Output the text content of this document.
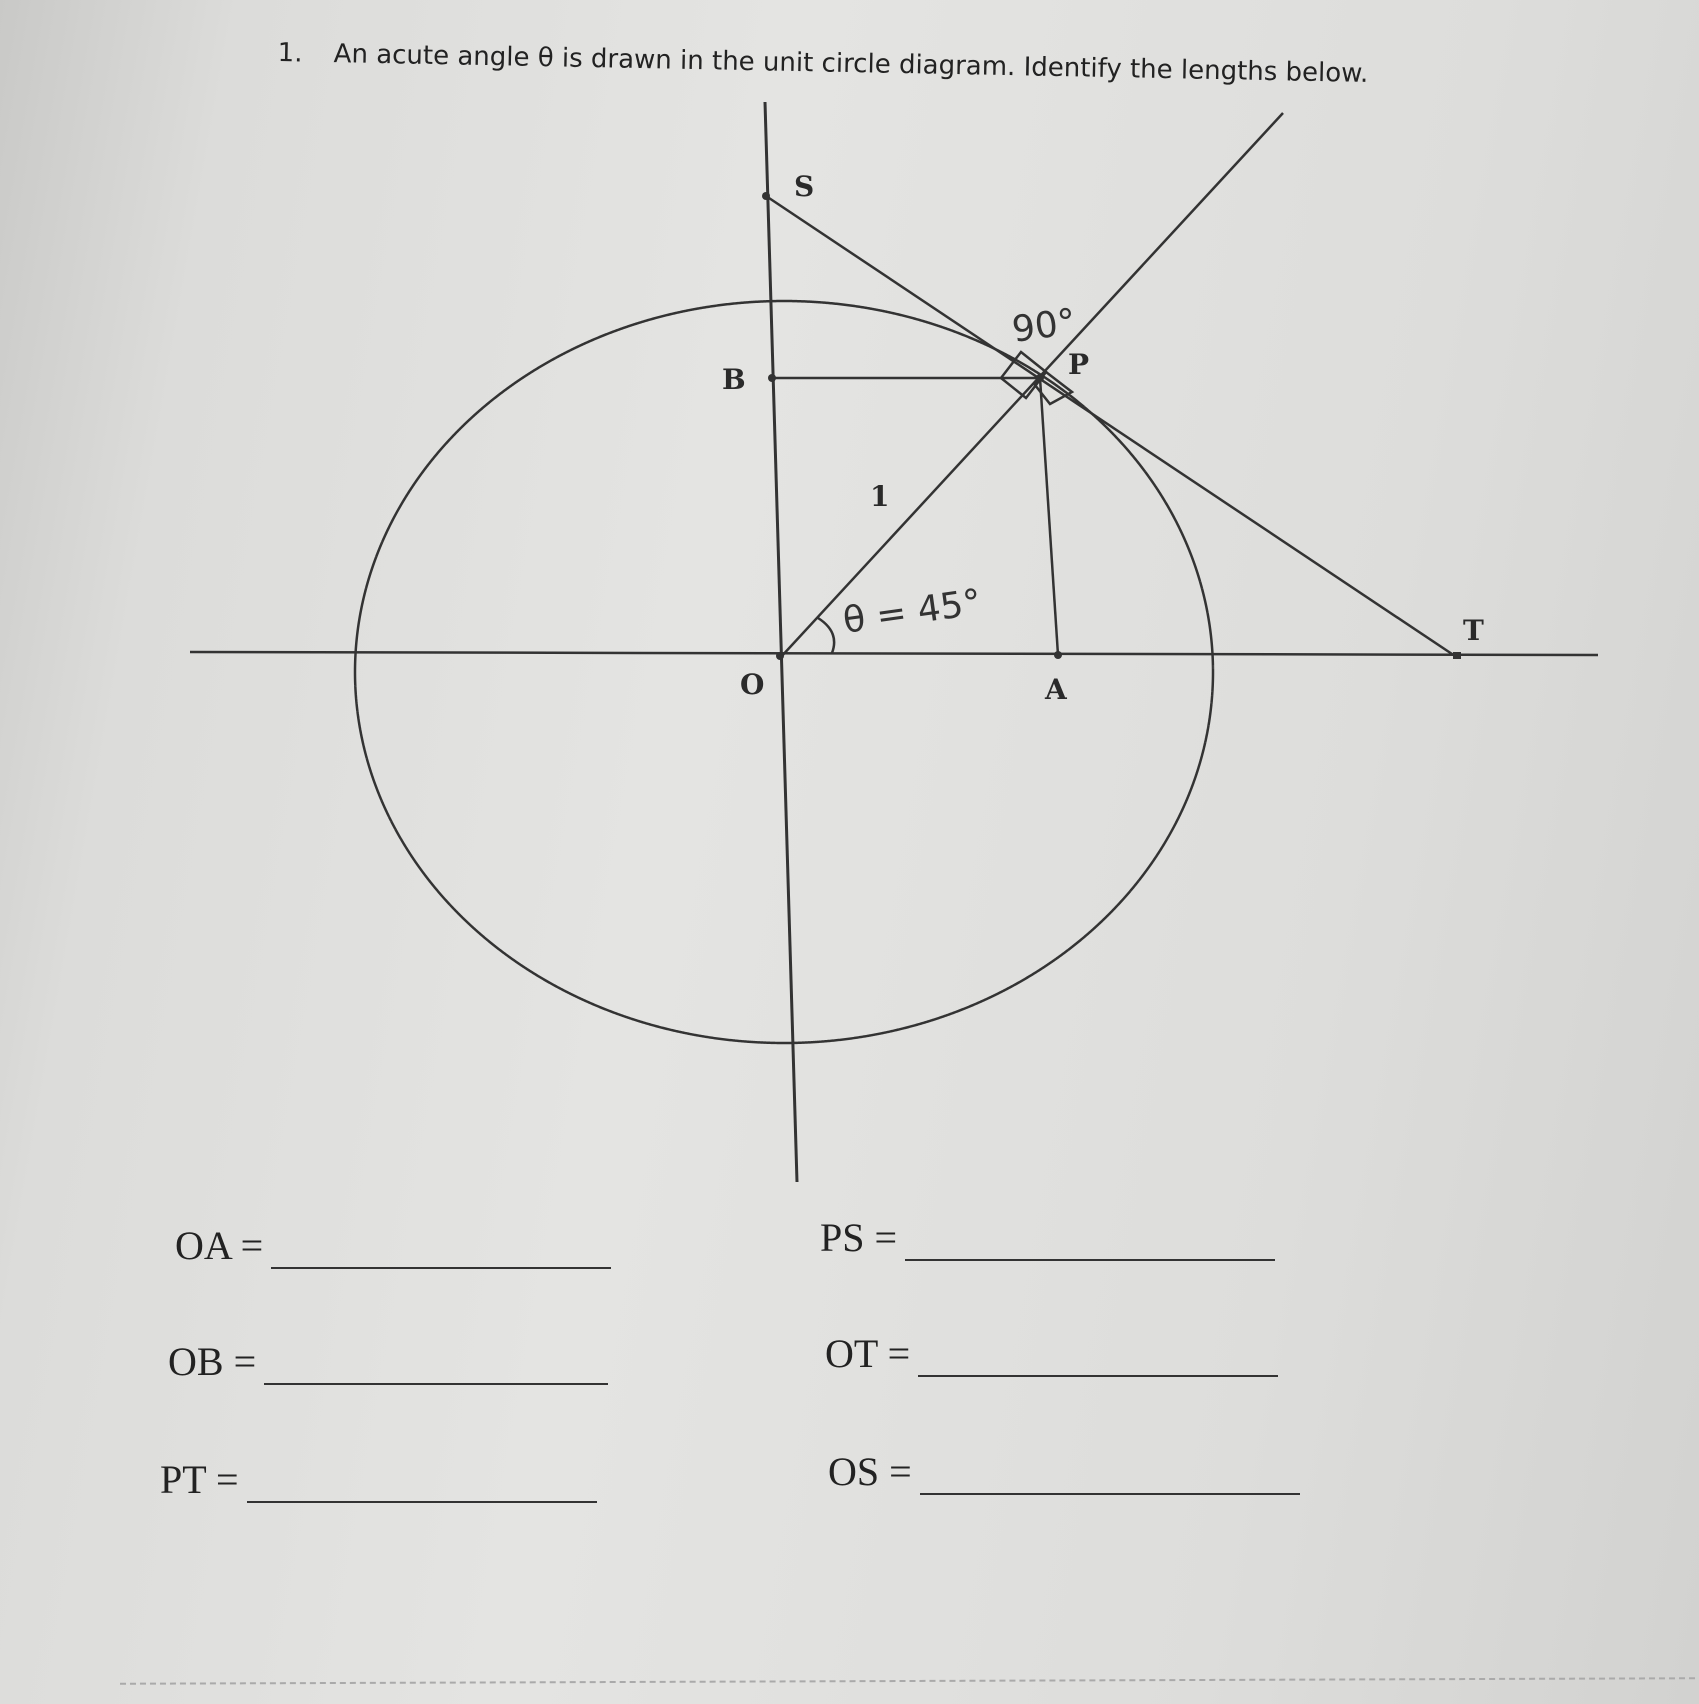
1. An acute angle θ is drawn in the unit circle diagram. Identify the lengths below.
S
B	P
O	A
T
1
θ = 45°
90°
OA =	PS =
OB =	OT =
PT =	OS =
